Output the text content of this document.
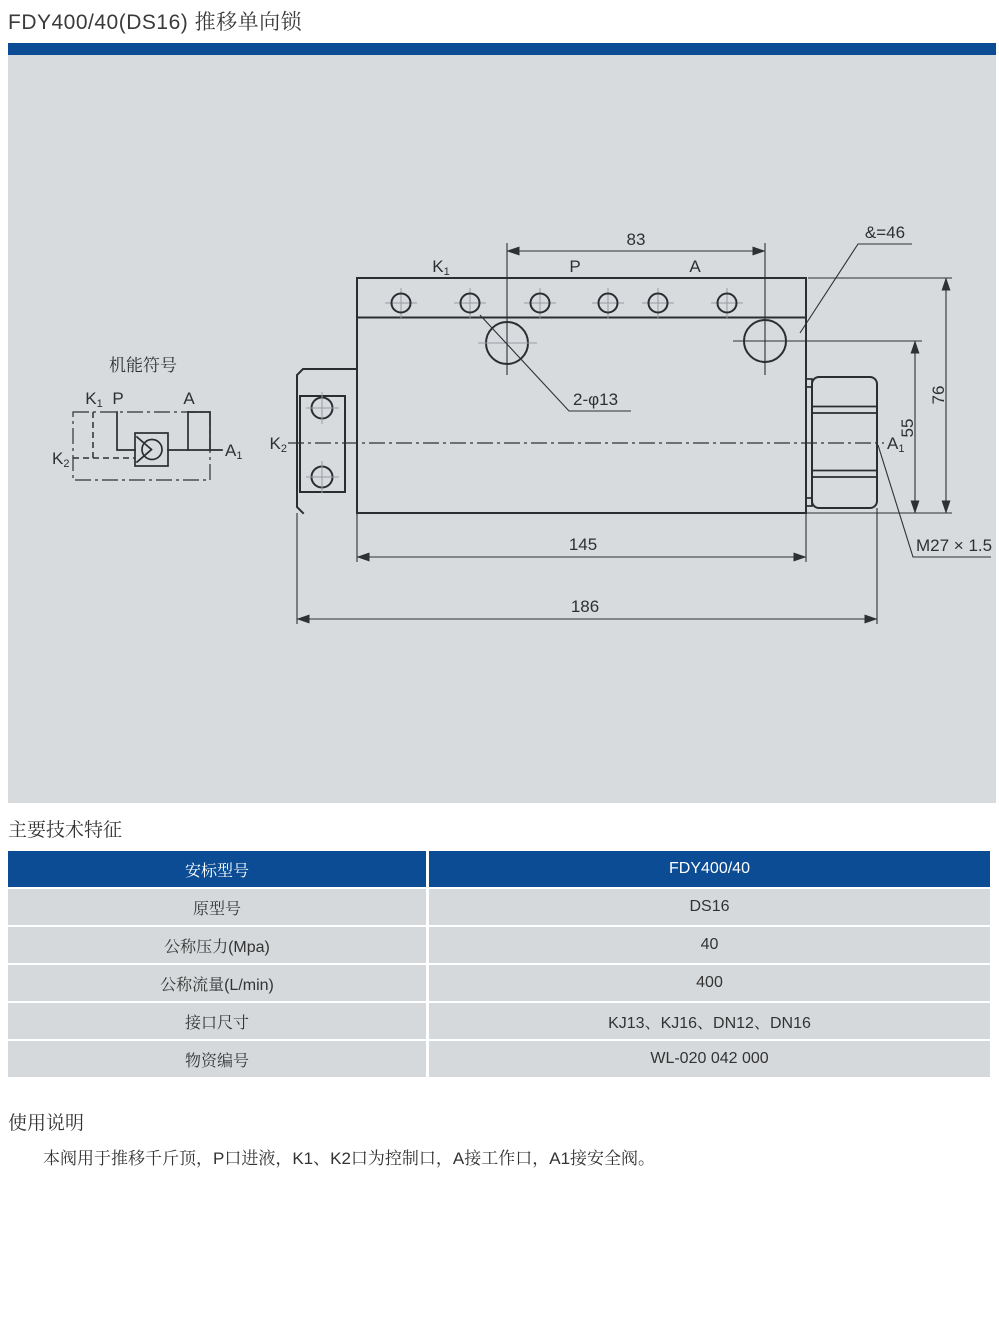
FDY400/40(DS16) 推移单向锁
机能符号
K1 P	A
A1
K2
K1	P	A
K2	A1
83
145
186
55
76
2-φ13
&=46
M27 × 1.5
主要技术特征
安标型号	FDY400/40
原型号	DS16
公称压力(Mpa)	40
公称流量(L/min)	400
接口尺寸	KJ13、KJ16、DN12、DN16
物资编号	WL-020 042 000
使用说明
本阀用于推移千斤顶，P口进液，K1、K2口为控制口，A接工作口，A1接安全阀。
